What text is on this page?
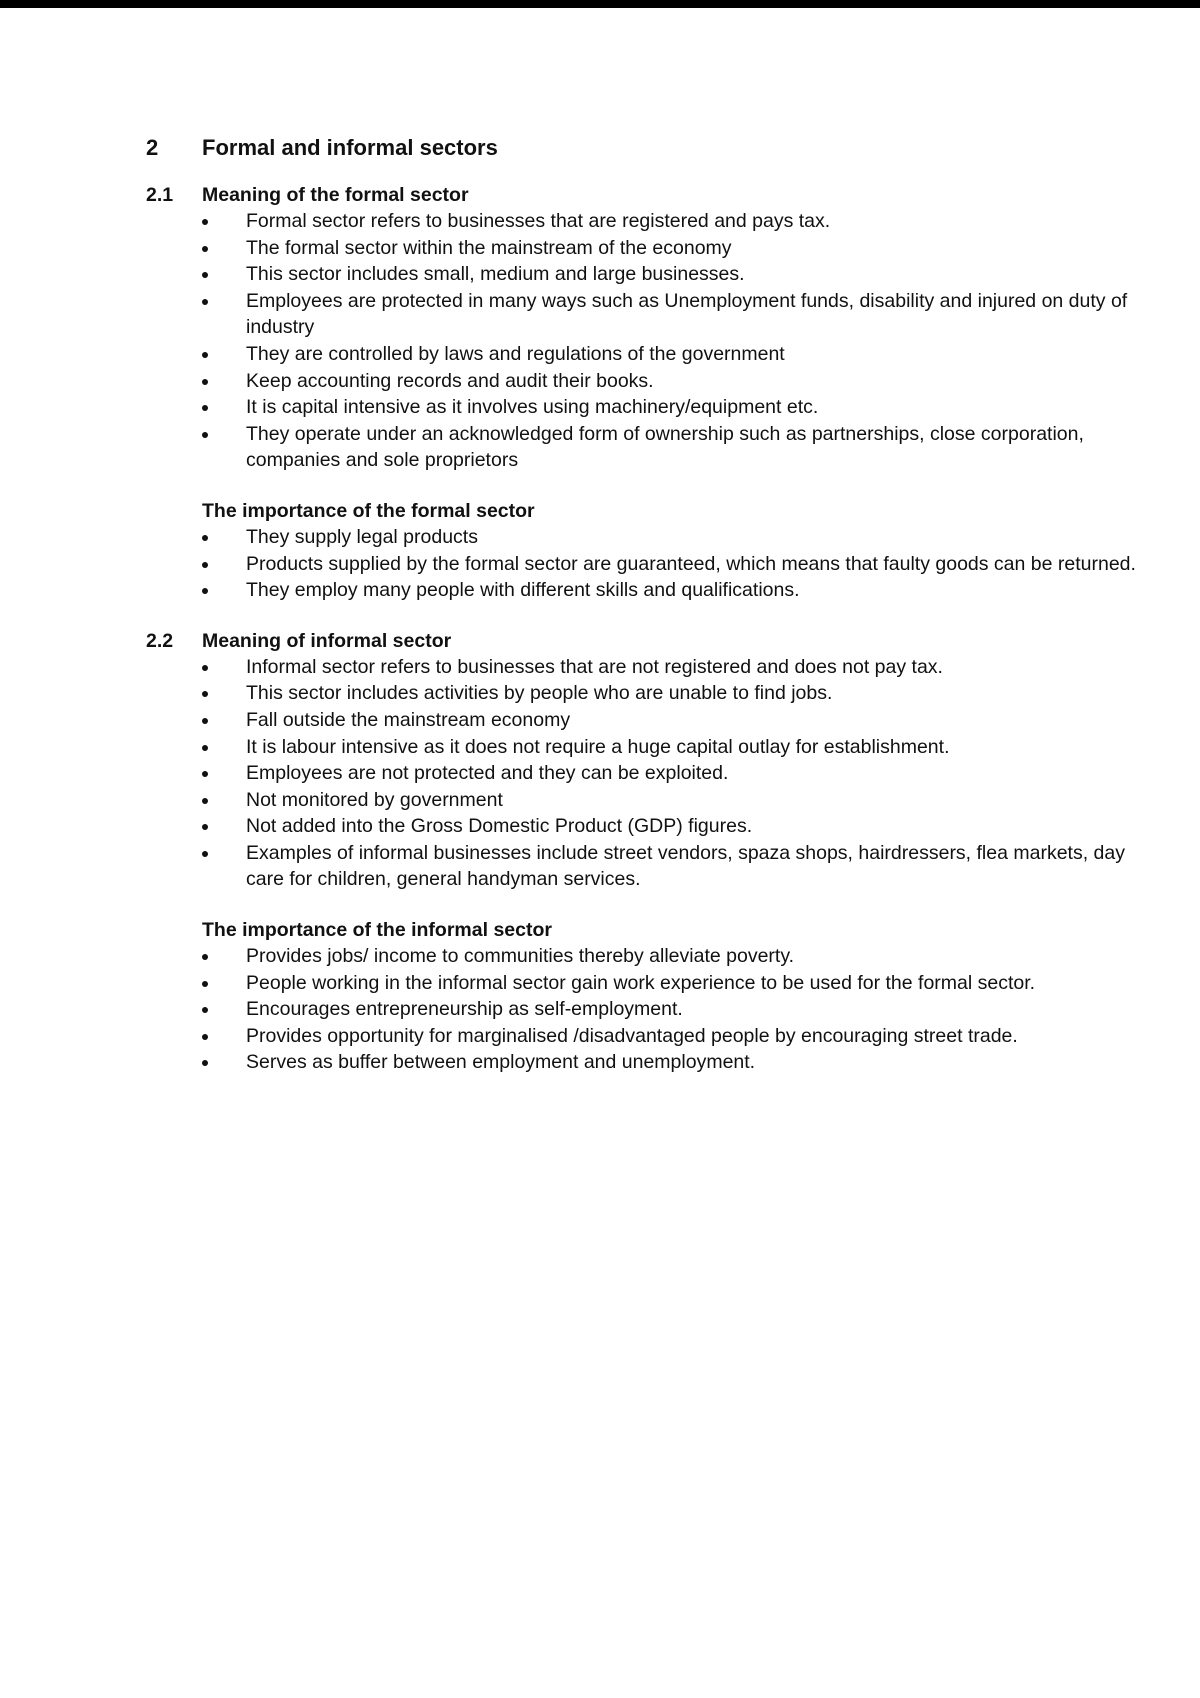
2	Formal and informal sectors
2.1	Meaning of the formal sector
Formal sector refers to businesses that are registered and pays tax.
The formal sector within the mainstream of the economy
This sector includes small, medium and large businesses.
Employees are protected in many ways such as Unemployment funds, disability and injured on duty of industry
They are controlled by laws and regulations of the government
Keep accounting records and audit their books.
It is capital intensive as it involves using machinery/equipment etc.
They operate under an acknowledged form of ownership such as partnerships, close corporation, companies and sole proprietors
The importance of the formal sector
They supply legal products
Products supplied by the formal sector are guaranteed, which means that faulty goods can be returned.
They employ many people with different skills and qualifications.
2.2	Meaning of informal sector
Informal sector refers to businesses that are not registered and does not pay tax.
This sector includes activities by people who are unable to find jobs.
Fall outside the mainstream economy
It is labour intensive as it does not require a huge capital outlay for establishment.
Employees are not protected and they can be exploited.
Not monitored by government
Not added into the Gross Domestic Product (GDP) figures.
Examples of informal businesses include street vendors, spaza shops, hairdressers, flea markets, day care for children, general handyman services.
The importance of the informal sector
Provides jobs/ income to communities thereby alleviate poverty.
People working in the informal sector gain work experience to be used for the formal sector.
Encourages entrepreneurship as self-employment.
Provides opportunity for marginalised /disadvantaged people by encouraging street trade.
Serves as buffer between employment and unemployment.
